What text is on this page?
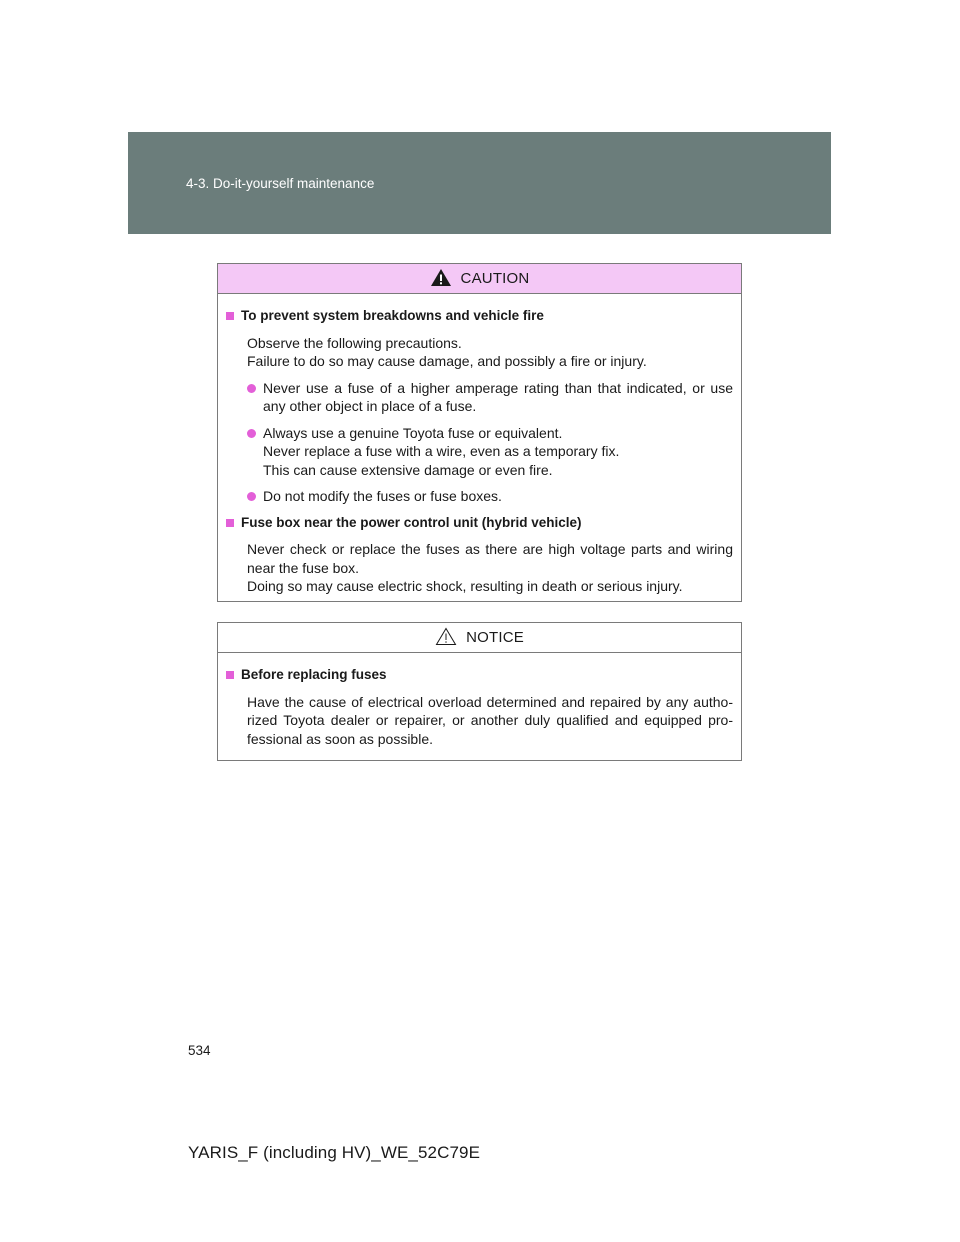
4-3. Do-it-yourself maintenance
CAUTION
To prevent system breakdowns and vehicle fire
Observe the following precautions.
Failure to do so may cause damage, and possibly a fire or injury.
Never use a fuse of a higher amperage rating than that indicated, or use
any other object in place of a fuse.
Always use a genuine Toyota fuse or equivalent.
Never replace a fuse with a wire, even as a temporary fix.
This can cause extensive damage or even fire.
Do not modify the fuses or fuse boxes.
Fuse box near the power control unit (hybrid vehicle)
Never check or replace the fuses as there are high voltage parts and wiring
near the fuse box.
Doing so may cause electric shock, resulting in death or serious injury.
NOTICE
Before replacing fuses
Have the cause of electrical overload determined and repaired by any autho-
rized Toyota dealer or repairer, or another duly qualified and equipped pro-
fessional as soon as possible.
534
YARIS_F (including HV)_WE_52C79E
